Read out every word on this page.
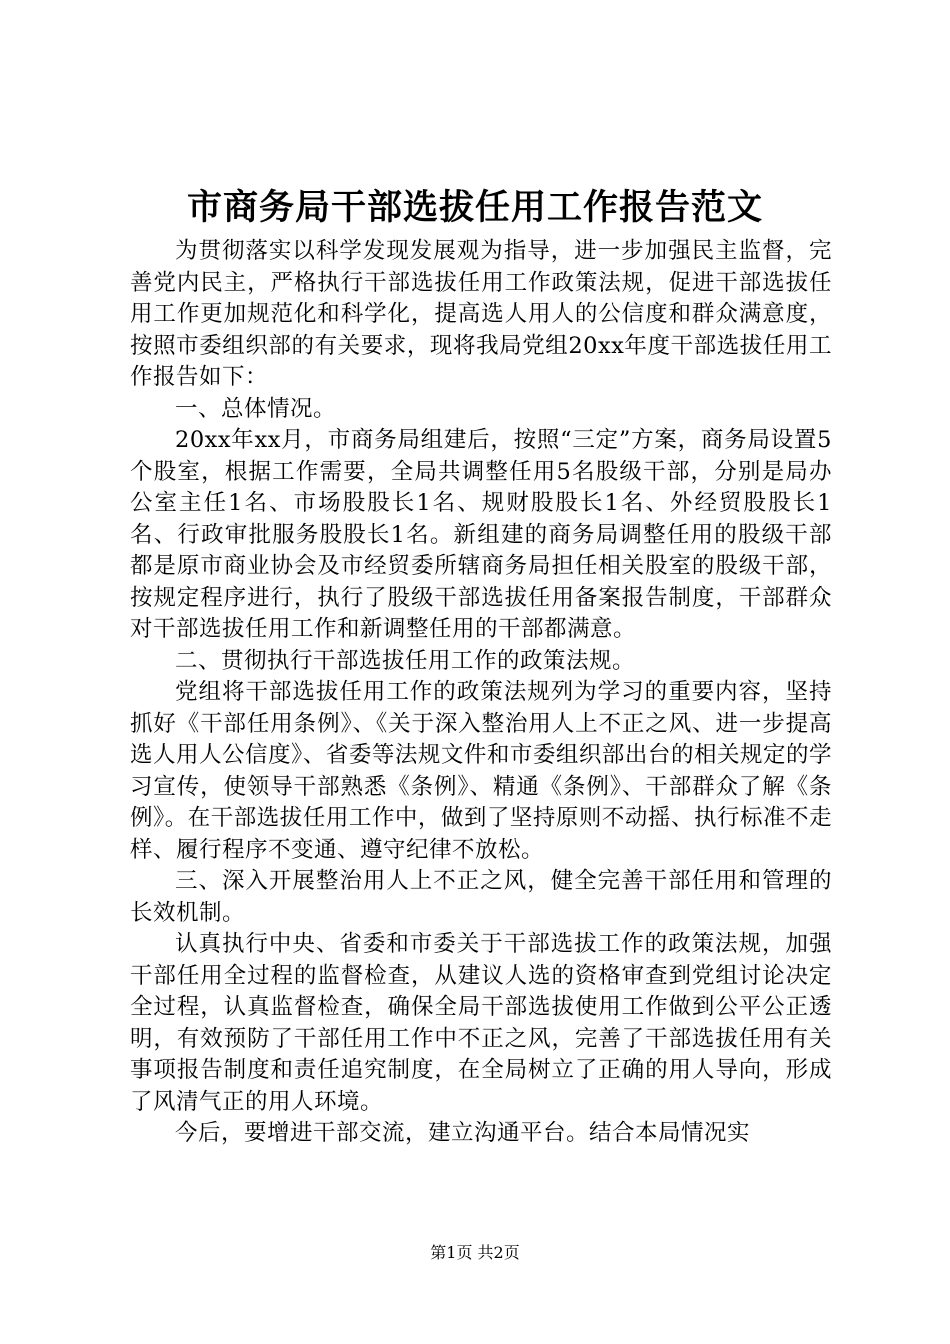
市商务局干部选拔任用工作报告范文

为贯彻落实以科学发现发展观为指导，进一步加强民主监督，完善党内民主，严格执行干部选拔任用工作政策法规，促进干部选拔任用工作更加规范化和科学化，提高选人用人的公信度和群众满意度，按照市委组织部的有关要求，现将我局党组20xx年度干部选拔任用工作报告如下：

一、总体情况。

20xx年xx月，市商务局组建后，按照“三定”方案，商务局设置5个股室，根据工作需要，全局共调整任用5名股级干部，分别是局办公室主任1名、市场股股长1名、规财股股长1名、外经贸股股长1名、行政审批服务股股长1名。新组建的商务局调整任用的股级干部都是原市商业协会及市经贸委所辖商务局担任相关股室的股级干部，按规定程序进行，执行了股级干部选拔任用备案报告制度，干部群众对干部选拔任用工作和新调整任用的干部都满意。

二、贯彻执行干部选拔任用工作的政策法规。

党组将干部选拔任用工作的政策法规列为学习的重要内容，坚持抓好《干部任用条例》、《关于深入整治用人上不正之风、进一步提高选人用人公信度》、省委等法规文件和市委组织部出台的相关规定的学习宣传，使领导干部熟悉《条例》、精通《条例》、干部群众了解《条例》。在干部选拔任用工作中，做到了坚持原则不动摇、执行标准不走样、履行程序不变通、遵守纪律不放松。

三、深入开展整治用人上不正之风，健全完善干部任用和管理的长效机制。

认真执行中央、省委和市委关于干部选拔工作的政策法规，加强干部任用全过程的监督检查，从建议人选的资格审查到党组讨论决定全过程，认真监督检查，确保全局干部选拔使用工作做到公平公正透明，有效预防了干部任用工作中不正之风，完善了干部选拔任用有关事项报告制度和责任追究制度，在全局树立了正确的用人导向，形成了风清气正的用人环境。

今后，要增进干部交流，建立沟通平台。结合本局情况实

第1页 共2页
